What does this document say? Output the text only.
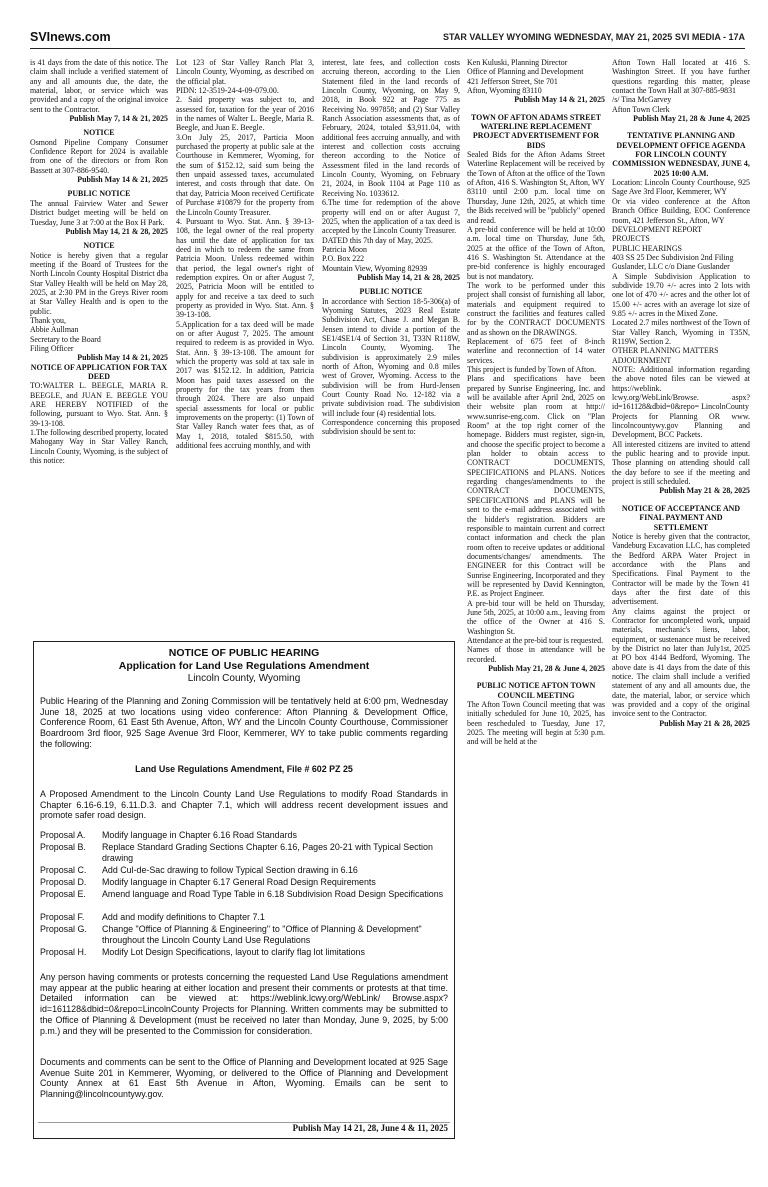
SVInews.com	STAR VALLEY WYOMING WEDNESDAY, MAY 21, 2025 SVI MEDIA - 17A

is 41 days from the date of this notice. The claim shall include a verified statement of any and all amounts due, the date, the material, labor, or service which was provided and a copy of the original invoice sent to the Contractor.

Publish May 7, 14 & 21, 2025

NOTICE

Osmond Pipeline Company Consumer Confidence Report for 2024 is available from one of the directors or from Ron Bassett at 307-886-9540.

Publish May 14 & 21, 2025

PUBLIC NOTICE

The annual Fairview Water and Sewer District budget meeting will be held on Tuesday, June 3 at 7:00 at the Box H Park.

Publish May 14, 21 & 28, 2025

NOTICE

Notice is hereby given that a regular meeting if the Board of Trustees for the North Lincoln County Hospital District dba Star Valley Health will be held on May 28, 2025, at 2:30 PM in the Greys River room at Star Valley Health and is open to the public.

Thank you,

Abbie Aullman

Secretary to the Board

Filing Officer

Publish May 14 & 21, 2025

NOTICE OF APPLICATION FOR TAX DEED

TO:WALTER L. BEEGLE, MARIA R. BEEGLE, and JUAN E. BEEGLE YOU ARE HEREBY NOTIFIED of the following, pursuant to Wyo. Stat. Ann. § 39-13-108.

1.The following described property, located Mahogany Way in Star Valley Ranch, Lincoln County, Wyoming, is the subject of this notice:

Lot 123 of Star Valley Ranch Plat 3, Lincoln County, Wyoming, as described on the official plat.

PIDN: 12-3519-24-4-09-079.00.

2. Said property was subject to, and assessed for, taxation for the year of 2016 in the names of Walter L. Beegle, Maria R. Beegle, and Juan E. Beegle.

3.On July 25, 2017, Particia Moon purchased the property at public sale at the Courthouse in Kemmerer, Wyoming, for the sum of $152.12, said sum being the then unpaid assessed taxes, accumulated interest, and costs through that date. On that day, Patricia Moon received Certificate of Purchase #10879 for the property from the Lincoln County Treasurer.

4. Pursuant to Wyo. Stat. Ann. § 39-13-108, the legal owner of the real property has until the date of application for tax deed in which to redeem the same from Patricia Moon. Unless redeemed within that period, the legal owner's right of redemption expires. On or after August 7, 2025, Patricia Moon will be entitled to apply for and receive a tax deed to such property as provided in Wyo. Stat. Ann. § 39-13-108.

5.Application for a tax deed will be made on or after August 7, 2025. The amount required to redeem is as provided in Wyo. Stat. Ann. § 39-13-108. The amount for which the property was sold at tax sale in 2017 was $152.12. In addition, Patricia Moon has paid taxes assessed on the property for the tax years from then through 2024. There are also unpaid special assessments for local or public improvements on the property: (1) Town of Star Valley Ranch water fees that, as of May 1, 2018, totaled $815.50, with additional fees accruing monthly, and with

interest, late fees, and collection costs accruing thereon, according to the Lien Statement filed in the land records of Lincoln County, Wyoming, on May 9, 2018, in Book 922 at Page 775 as Receiving No. 997858; and (2) Star Valley Ranch Association assessments that, as of February, 2024, totaled $3,911.04, with additional fees accruing annually, and with interest and collection costs accruing thereon according to the Notice of Assessment filed in the land records of Lincoln County, Wyoming, on February 21, 2024, in Book 1104 at Page 110 as Receiving No. 1033612.

6.The time for redemption of the above property will end on or after August 7, 2025, when the application of a tax deed is accepted by the Lincoln County Treasurer.

DATED this 7th day of May, 2025.

Patricia Moon

P.O. Box 222

Mountain View, Wyoming 82939

Publish May 14, 21 & 28, 2025

PUBLIC NOTICE

In accordance with Section 18-5-306(a) of Wyoming Statutes, 2023 Real Estate Subdivision Act, Chase J. and Megan B. Jensen intend to divide a portion of the SE1/4SE1/4 of Section 31, T33N R118W, Lincoln County, Wyoming. The subdivision is approximately 2.9 miles north of Afton, Wyoming and 0.8 miles west of Grover, Wyoming. Access to the subdivision will be from Hurd-Jensen Court County Road No. 12-182 via a private subdivision road. The subdivision will include four (4) residential lots.

Correspondence concerning this proposed subdivision should be sent to:

Ken Kuluski, Planning Director

Office of Planning and Development

421 Jefferson Street, Ste 701

Afton, Wyoming 83110

Publish May 14 & 21, 2025

TOWN OF AFTON ADAMS STREET WATERLINE REPLACEMENT PROJECT ADVERTISEMENT FOR BIDS

Sealed Bids for the Afton Adams Street Waterline Replacement will be received by the Town of Afton at the office of the Town of Afton, 416 S. Washington St, Afton, WY 83110 until 2:00 p.m. local time on Thursday, June 12th, 2025, at which time the Bids received will be "publicly" opened and read.

A pre-bid conference will be held at 10:00 a.m. local time on Thursday, June 5th, 2025 at the office of the Town of Afton, 416 S. Washington St. Attendance at the pre-bid conference is highly encouraged but is not mandatory.

The work to be performed under this project shall consist of furnishing all labor, materials and equipment required to construct the facilities and features called for by the CONTRACT DOCUMENTS and as shown on the DRAWINGS.

Replacement of 675 feet of 8-inch waterline and reconnection of 14 water services.

This project is funded by Town of Afton.

Plans and specifications have been prepared by Sunrise Engineering, Inc. and will be available after April 2nd, 2025 on their website plan room at http:// www.sunrise-eng.com. Click on "Plan Room" at the top right corner of the homepage. Bidders must register, sign-in, and choose the specific project to become a plan holder to obtain access to CONTRACT DOCUMENTS, SPECIFICATIONS and PLANS. Notices regarding changes/amendments to the CONTRACT DOCUMENTS, SPECIFICATIONS and PLANS will be sent to the e-mail address associated with the bidder's registration. Bidders are responsible to maintain current and correct contact information and check the plan room often to receive updates or additional documents/changes/ amendments. The ENGINEER for this Contract will be Sunrise Engineering, Incorporated and they will be represented by David Kennington, P.E. as Project Engineer.

A pre-bid tour will be held on Thursday, June 5th, 2025, at 10:00 a.m., leaving from the office of the Owner at 416 S. Washington St.

Attendance at the pre-bid tour is requested.

Names of those in attendance will be recorded.

Publish May 21, 28 & June 4, 2025

PUBLIC NOTICE AFTON TOWN COUNCIL MEETING

The Afton Town Council meeting that was initially scheduled for June 10, 2025, has been rescheduled to Tuesday, June 17, 2025. The meeting will begin at 5:30 p.m. and will be held at the

Afton Town Hall located at 416 S. Washington Street. If you have further questions regarding this matter, please contact the Town Hall at 307-885-9831

/s/ Tina McGarvey

Afton Town Clerk

Publish May 21, 28 & June 4, 2025

TENTATIVE PLANNING AND DEVELOPMENT OFFICE AGENDA FOR LINCOLN COUNTY COMMISSION WEDNESDAY, JUNE 4, 2025 10:00 A.M.

Location: Lincoln County Courthouse, 925 Sage Ave 3rd Floor, Kemmerer, WY

Or via video conference at the Afton Branch Office Building, EOC Conference room, 421 Jefferson St., Afton, WY

DEVELOPMENT REPORT

PROJECTS

PUBLIC HEARINGS

403 SS 25 Dec Subdivision 2nd Filing

Guslander, LLC c/o Diane Guslander

A Simple Subdivision Application to subdivide 19.70 +/- acres into 2 lots with one lot of 470 +/- acres and the other lot of 15.00 +/- acres with an average lot size of 9.85 +/- acres in the Mixed Zone.

Located 2.7 miles northwest of the Town of Star Valley Ranch, Wyoming in T35N, R119W, Section 2.

OTHER PLANNING MATTERS

ADJOURNMENT

NOTE: Additional information regarding the above noted files can be viewed at https://weblink. lcwy.org/WebLink/Browse. aspx?id=161128&dbid=0&repo= LincolnCounty

Projects for Planning OR www. lincolncountywy.gov Planning and Development, BCC Packets.

All interested citizens are invited to attend the public hearing and to provide input. Those planning on attending should call the day before to see if the meeting and project is still scheduled.

Publish May 21 & 28, 2025

NOTICE OF ACCEPTANCE AND FINAL PAYMENT AND SETTLEMENT

Notice is hereby given that the contractor, Vandeburg Excavation LLC, has completed the Bedford ARPA Water Project in accordance with the Plans and Specifications. Final Payment to the Contractor will be made by the Town 41 days after the first date of this advertisement.

Any claims against the project or Contractor for uncompleted work, unpaid materials, mechanic's liens, labor, equipment, or sustenance must be received by the District no later than July1st, 2025 at PO box 4144 Bedford, Wyoming. The above date is 41 days from the date of this notice. The claim shall include a verified statement of any and all amounts due, the date, the material, labor, or service which was provided and a copy of the original invoice sent to the Contractor.

Publish May 21 & 28, 2025

NOTICE OF PUBLIC HEARING
Application for Land Use Regulations Amendment
Lincoln County, Wyoming
Public Hearing of the Planning and Zoning Commission will be tentatively held at 6:00 pm, Wednesday June 18, 2025 at two locations using video conference: Afton Planning & Development Office, Conference Room, 61 East 5th Avenue, Afton, WY and the Lincoln County Courthouse, Commissioner Boardroom 3rd floor, 925 Sage Avenue 3rd Floor, Kemmerer, WY to take public comments regarding the following:
Land Use Regulations Amendment, File # 602 PZ 25
A Proposed Amendment to the Lincoln County Land Use Regulations to modify Road Standards in Chapter 6.16-6.19, 6.11.D.3. and Chapter 7.1, which will address recent development issues and promote safer road design.
Proposal A.	Modify language in Chapter 6.16 Road Standards
Proposal B.	Replace Standard Grading Sections Chapter 6.16, Pages 20-21 with Typical Section drawing
Proposal C.	Add Cul-de-Sac drawing to follow Typical Section drawing in 6.16
Proposal D.	Modify language in Chapter 6.17 General Road Design Requirements
Proposal E.	Amend language and Road Type Table in 6.18 Subdivision Road Design Specifications
Proposal F.	Add and modify definitions to Chapter 7.1
Proposal G.	Change "Office of Planning & Engineering" to "Office of Planning & Development" throughout the Lincoln County Land Use Regulations
Proposal H.	Modify Lot Design Specifications, layout to clarify flag lot limitations
Any person having comments or protests concerning the requested Land Use Regulations amendment may appear at the public hearing at either location and present their comments or protests at that time. Detailed information can be viewed at: https://weblink.lcwy.org/WebLink/ Browse.aspx?id=161128&dbid=0&repo=LincolnCounty Projects for Planning. Written comments may be submitted to the Office of Planning & Development (must be received no later than Monday, June 9, 2025, by 5:00 p.m.) and they will be presented to the Commission for consideration.
Documents and comments can be sent to the Office of Planning and Development located at 925 Sage Avenue Suite 201 in Kemmerer, Wyoming, or delivered to the Office of Planning and Development County Annex at 61 East 5th Avenue in Afton, Wyoming. Emails can be sent to Planning@lincolncountywy.gov.
Publish May 14 21, 28, June 4 & 11, 2025
